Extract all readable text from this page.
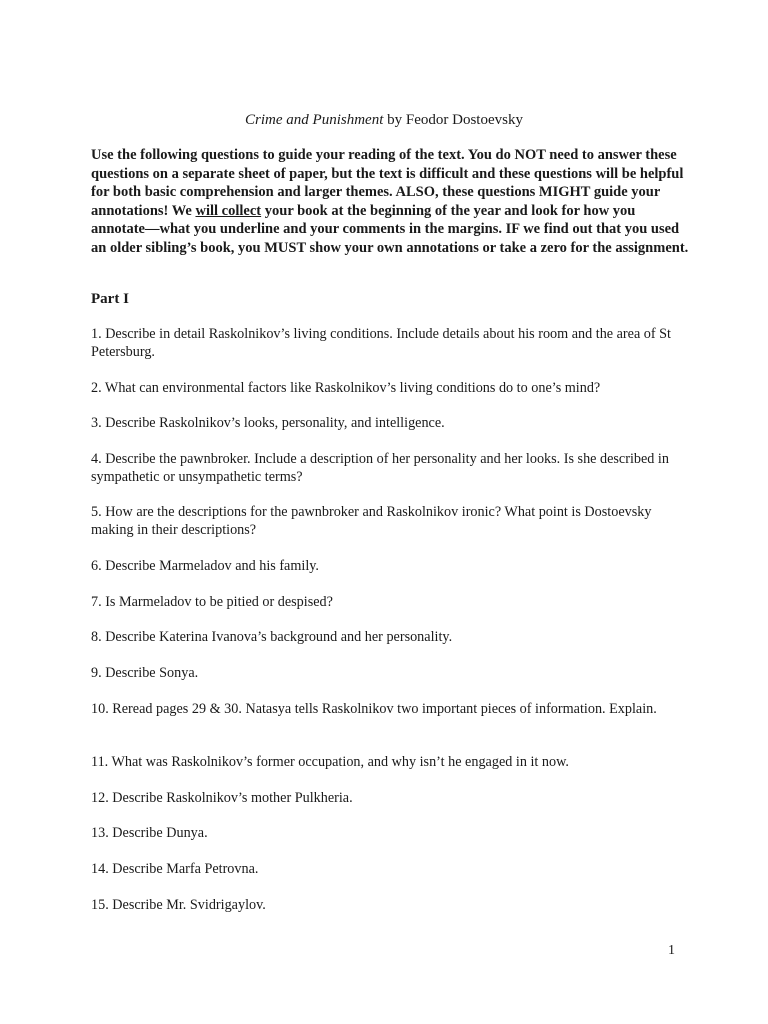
Crime and Punishment by Feodor Dostoevsky
Use the following questions to guide your reading of the text. You do NOT need to answer these questions on a separate sheet of paper, but the text is difficult and these questions will be helpful for both basic comprehension and larger themes. ALSO, these questions MIGHT guide your annotations! We will collect your book at the beginning of the year and look for how you annotate—what you underline and your comments in the margins. IF we find out that you used an older sibling’s book, you MUST show your own annotations or take a zero for the assignment.
Part I
1. Describe in detail Raskolnikov’s living conditions. Include details about his room and the area of St Petersburg.
2. What can environmental factors like Raskolnikov’s living conditions do to one’s mind?
3. Describe Raskolnikov’s looks, personality, and intelligence.
4. Describe the pawnbroker. Include a description of her personality and her looks. Is she described in sympathetic or unsympathetic terms?
5. How are the descriptions for the pawnbroker and Raskolnikov ironic? What point is Dostoevsky making in their descriptions?
6. Describe Marmeladov and his family.
7. Is Marmeladov to be pitied or despised?
8. Describe Katerina Ivanova’s background and her personality.
9. Describe Sonya.
10. Reread pages 29 & 30. Natasya tells Raskolnikov two important pieces of information. Explain.
11. What was Raskolnikov’s former occupation, and why isn’t he engaged in it now.
12. Describe Raskolnikov’s mother Pulkheria.
13. Describe Dunya.
14. Describe Marfa Petrovna.
15. Describe Mr. Svidrigaylov.
1
